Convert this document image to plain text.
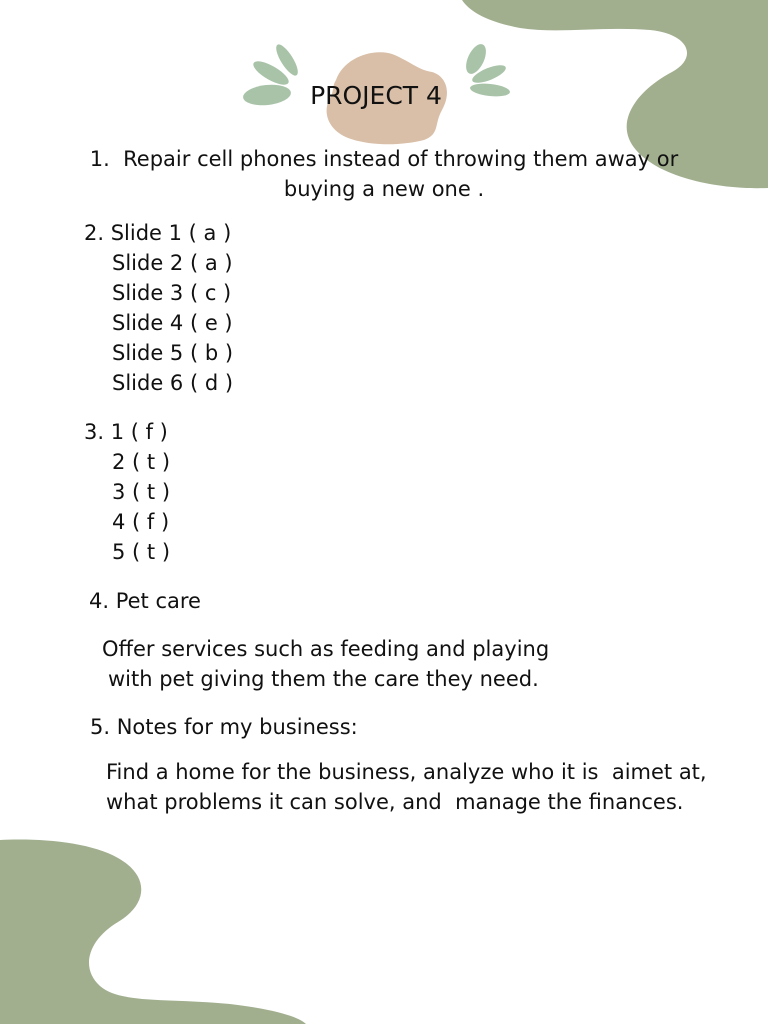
PROJECT 4
1.  Repair cell phones instead of throwing them away or
buying a new one .
2. Slide 1 ( a )
Slide 2 ( a )
Slide 3 ( c )
Slide 4 ( e )
Slide 5 ( b )
Slide 6 ( d )
3. 1 ( f )
2 ( t )
3 ( t )
4 ( f )
5 ( t )
4. Pet care
Offer services such as feeding and playing
with pet giving them the care they need.
5. Notes for my business:
Find a home for the business, analyze who it is  aimet at,
what problems it can solve, and  manage the finances.
